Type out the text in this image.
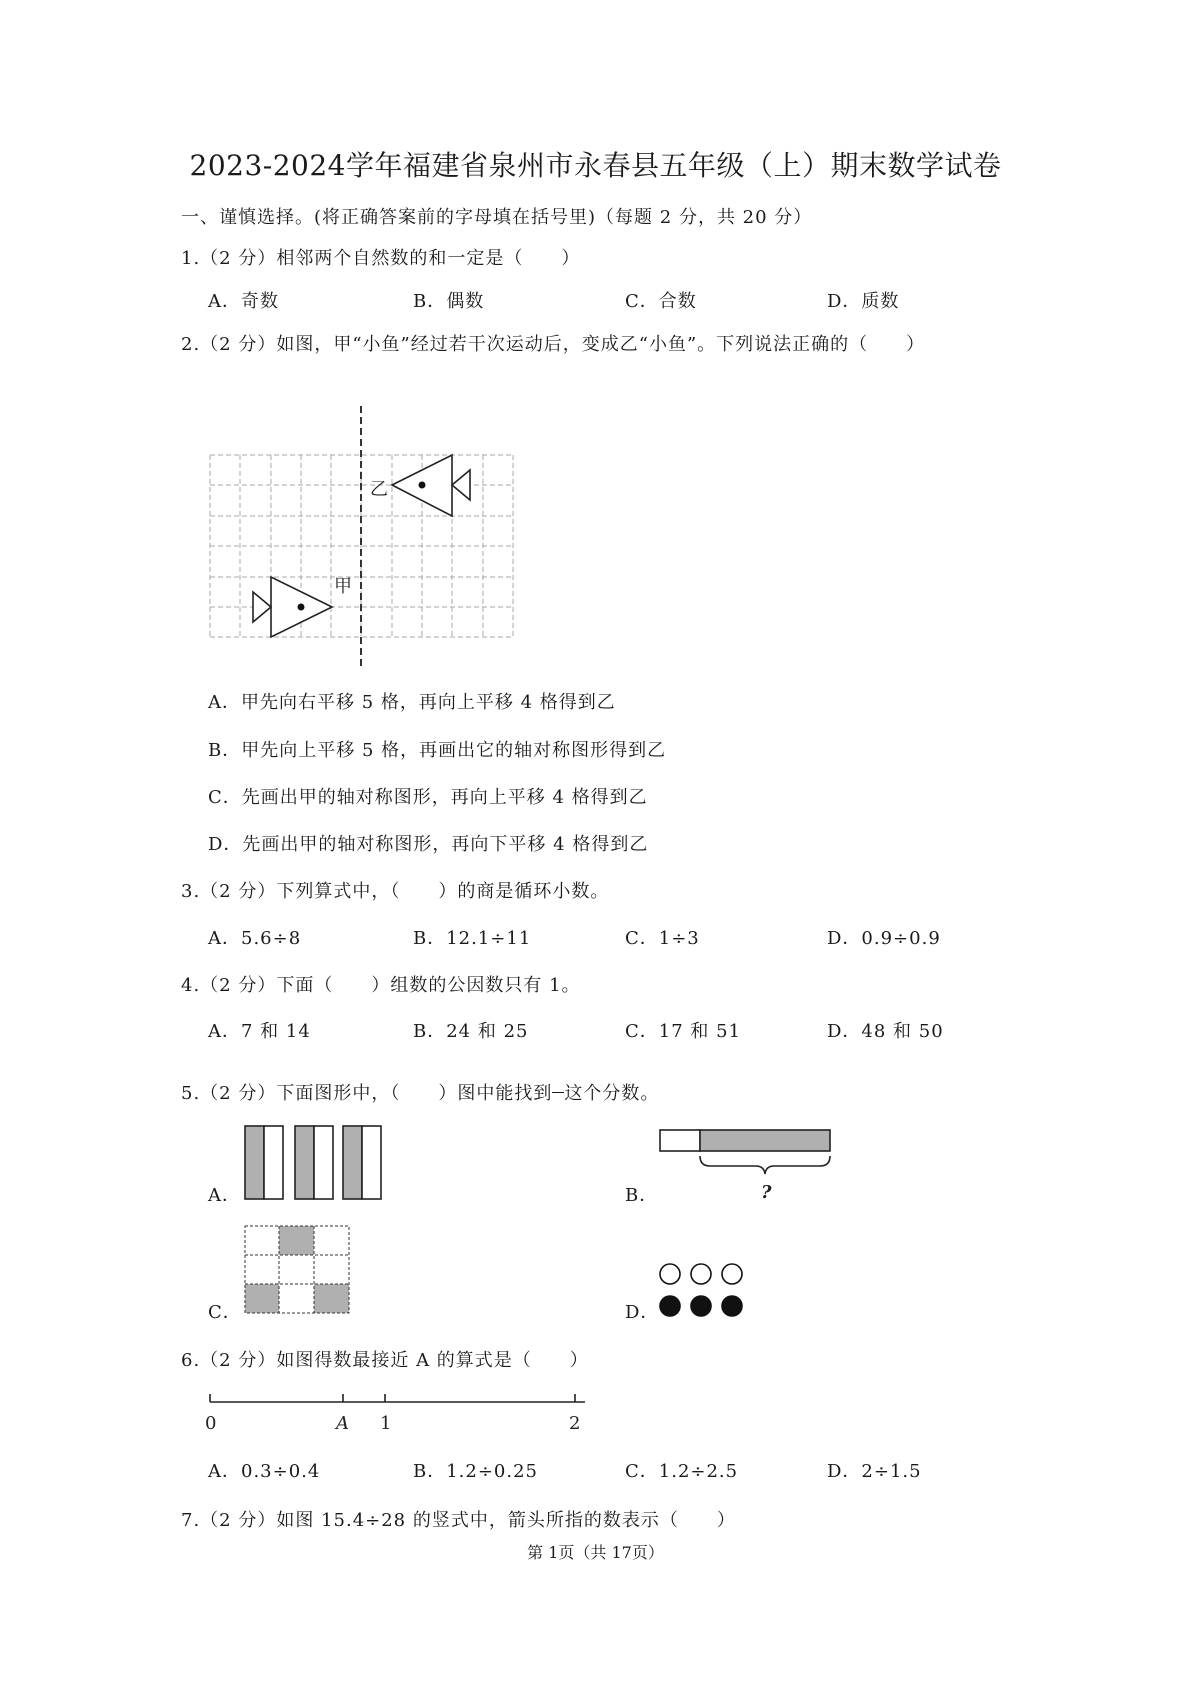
2023-2024学年福建省泉州市永春县五年级（上）期末数学试卷
一、谨慎选择。(将正确答案前的字母填在括号里)（每题 2 分，共 20 分）
1.（2 分）相邻两个自然数的和一定是（　　）
A．奇数	B．偶数	C．合数	D．质数
2.（2 分）如图，甲“小鱼”经过若干次运动后，变成乙“小鱼”。下列说法正确的（　　）
乙
甲
A．甲先向右平移 5 格，再向上平移 4 格得到乙
B．甲先向上平移 5 格，再画出它的轴对称图形得到乙
C．先画出甲的轴对称图形，再向上平移 4 格得到乙
D．先画出甲的轴对称图形，再向下平移 4 格得到乙
3.（2 分）下列算式中，（　　）的商是循环小数。
A．5.6÷8	B．12.1÷11	C．1÷3	D．0.9÷0.9
4.（2 分）下面（　　）组数的公因数只有 1。
A．7 和 14	B．24 和 25	C．17 和 51	D．48 和 50
5.（2 分）下面图形中，（　　）图中能找到 这个分数。
A．	B．	?
C．	D．
6.（2 分）如图得数最接近 A 的算式是（　　）
0	A 1	2
A．0.3÷0.4	B．1.2÷0.25	C．1.2÷2.5	D．2÷1.5
7.（2 分）如图 15.4÷28 的竖式中，箭头所指的数表示（　　）
第 1页（共 17页）
